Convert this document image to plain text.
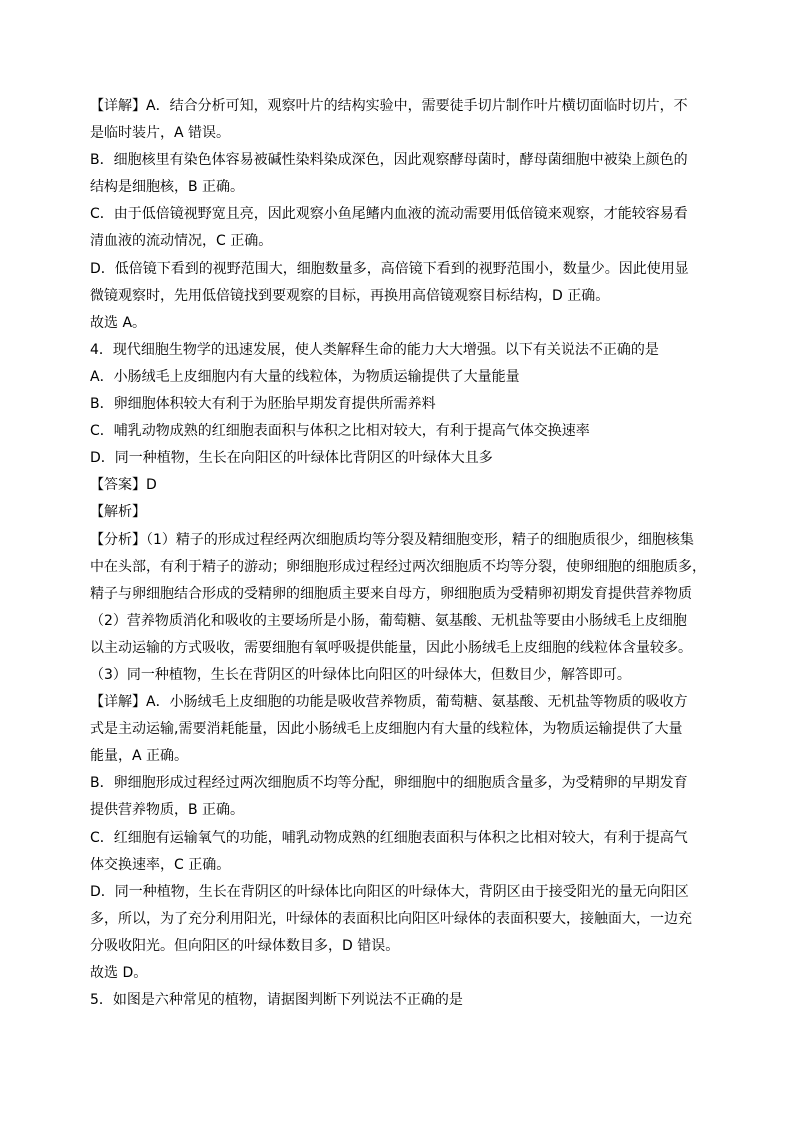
【详解】A．结合分析可知，观察叶片的结构实验中，需要徒手切片制作叶片横切面临时切片，不
是临时装片，A 错误。
B．细胞核里有染色体容易被碱性染料染成深色，因此观察酵母菌时，酵母菌细胞中被染上颜色的
结构是细胞核，B 正确。
C．由于低倍镜视野宽且亮，因此观察小鱼尾鳍内血液的流动需要用低倍镜来观察，才能较容易看
清血液的流动情况，C 正确。
D．低倍镜下看到的视野范围大，细胞数量多，高倍镜下看到的视野范围小，数量少。因此使用显
微镜观察时，先用低倍镜找到要观察的目标，再换用高倍镜观察目标结构，D 正确。
故选 A。
4．现代细胞生物学的迅速发展，使人类解释生命的能力大大增强。以下有关说法不正确的是
A．小肠绒毛上皮细胞内有大量的线粒体，为物质运输提供了大量能量
B．卵细胞体积较大有利于为胚胎早期发育提供所需养料
C．哺乳动物成熟的红细胞表面积与体积之比相对较大，有利于提高气体交换速率
D．同一种植物，生长在向阳区的叶绿体比背阴区的叶绿体大且多
【答案】D
【解析】
【分析】（1）精子的形成过程经两次细胞质均等分裂及精细胞变形，精子的细胞质很少，细胞核集
中在头部，有利于精子的游动；卵细胞形成过程经过两次细胞质不均等分裂，使卵细胞的细胞质多，
精子与卵细胞结合形成的受精卵的细胞质主要来自母方，卵细胞质为受精卵初期发育提供营养物质
（2）营养物质消化和吸收的主要场所是小肠，葡萄糖、氨基酸、无机盐等要由小肠绒毛上皮细胞
以主动运输的方式吸收，需要细胞有氧呼吸提供能量，因此小肠绒毛上皮细胞的线粒体含量较多。
（3）同一种植物，生长在背阴区的叶绿体比向阳区的叶绿体大，但数目少，解答即可。
【详解】A．小肠绒毛上皮细胞的功能是吸收营养物质，葡萄糖、氨基酸、无机盐等物质的吸收方
式是主动运输,需要消耗能量，因此小肠绒毛上皮细胞内有大量的线粒体，为物质运输提供了大量
能量，A 正确。
B．卵细胞形成过程经过两次细胞质不均等分配，卵细胞中的细胞质含量多，为受精卵的早期发育
提供营养物质，B 正确。
C．红细胞有运输氧气的功能，哺乳动物成熟的红细胞表面积与体积之比相对较大，有利于提高气
体交换速率，C 正确。
D．同一种植物，生长在背阴区的叶绿体比向阳区的叶绿体大，背阴区由于接受阳光的量无向阳区
多，所以，为了充分利用阳光，叶绿体的表面积比向阳区叶绿体的表面积要大，接触面大，一边充
分吸收阳光。但向阳区的叶绿体数目多，D 错误。
故选 D。
5．如图是六种常见的植物，请据图判断下列说法不正确的是
